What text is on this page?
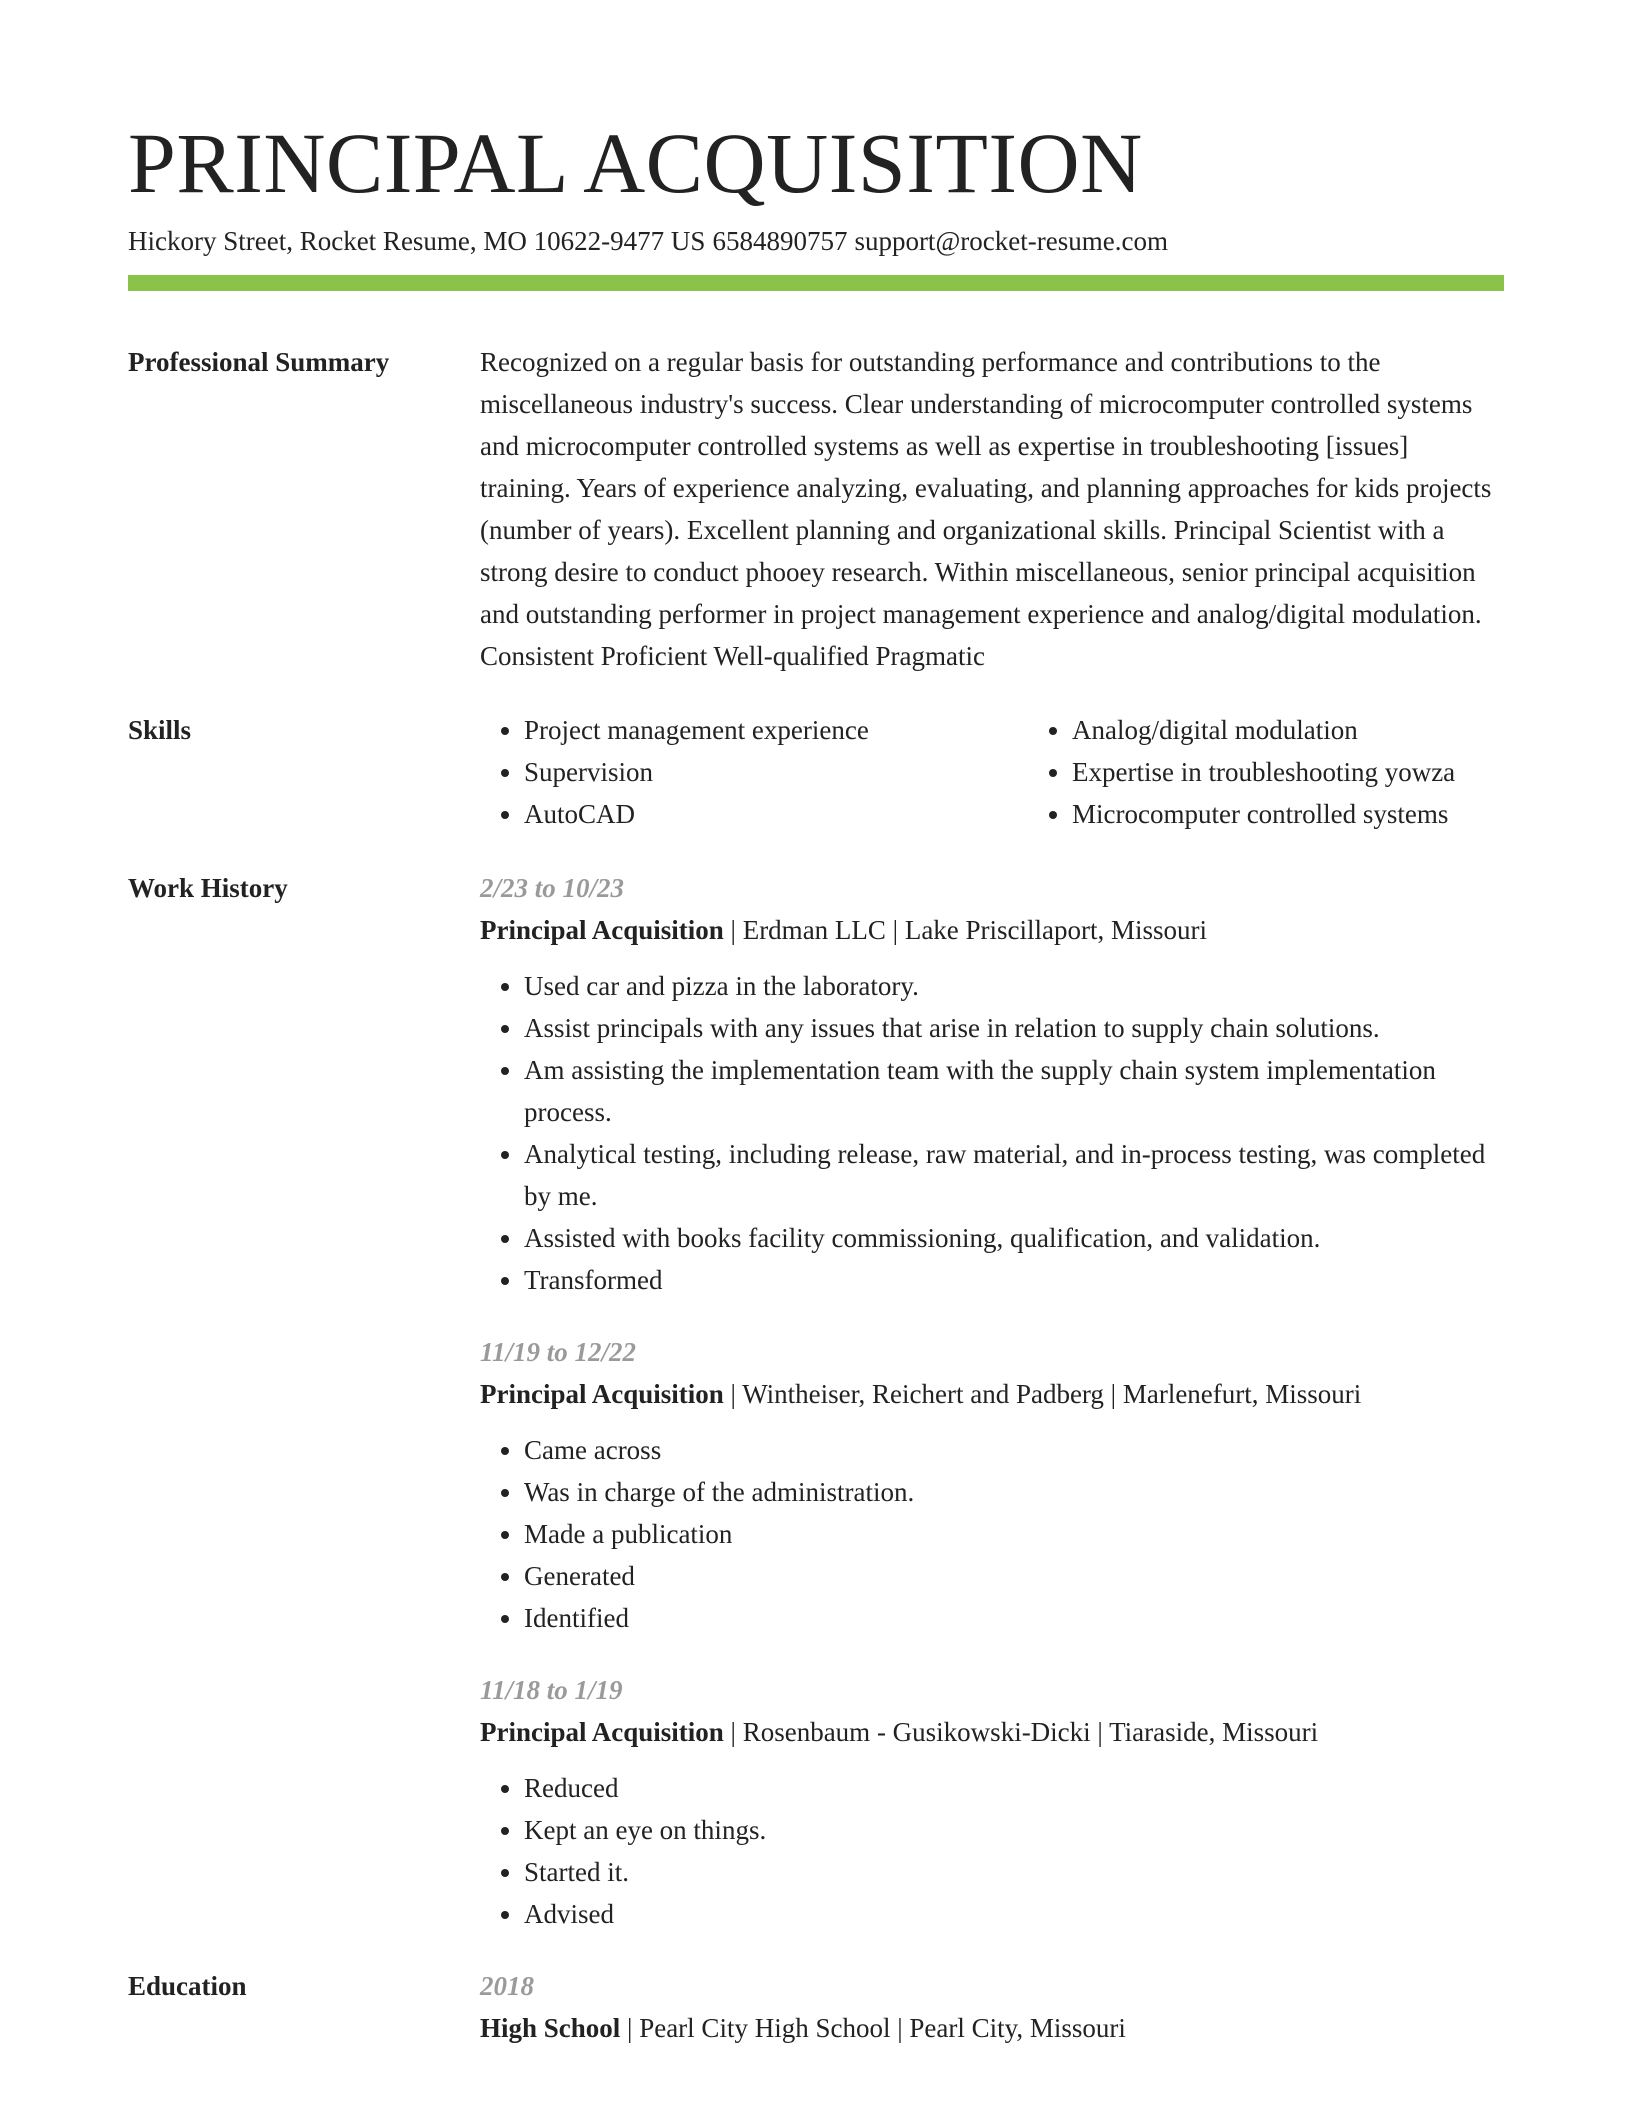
PRINCIPAL ACQUISITION
Hickory Street, Rocket Resume, MO 10622-9477 US 6584890757 support@rocket-resume.com
Professional Summary	Recognized on a regular basis for outstanding performance and contributions to the miscellaneous industry's success. Clear understanding of microcomputer controlled systems and microcomputer controlled systems as well as expertise in troubleshooting [issues] training. Years of experience analyzing, evaluating, and planning approaches for kids projects (number of years). Excellent planning and organizational skills. Principal Scientist with a strong desire to conduct phooey research. Within miscellaneous, senior principal acquisition and outstanding performer in project management experience and analog/digital modulation. Consistent Proficient Well-qualified Pragmatic
Skills
•	Project management experience
• Supervision
• AutoCAD
• Analog/digital modulation
• Expertise in troubleshooting yowza
• Microcomputer controlled systems
Work History	2/23 to 10/23
Principal Acquisition | Erdman LLC | Lake Priscillaport, Missouri
• Used car and pizza in the laboratory.
• Assist principals with any issues that arise in relation to supply chain solutions.
• Am assisting the implementation team with the supply chain system implementation process.
• Analytical testing, including release, raw material, and in-process testing, was completed by me.
• Assisted with books facility commissioning, qualification, and validation.
• Transformed
11/19 to 12/22
Principal Acquisition | Wintheiser, Reichert and Padberg | Marlenefurt, Missouri
• Came across
• Was in charge of the administration.
• Made a publication
• Generated
• Identified
11/18 to 1/19
Principal Acquisition | Rosenbaum - Gusikowski-Dicki | Tiaraside, Missouri
• Reduced
• Kept an eye on things.
• Started it.
• Advised
Education	2018
High School | Pearl City High School | Pearl City, Missouri
